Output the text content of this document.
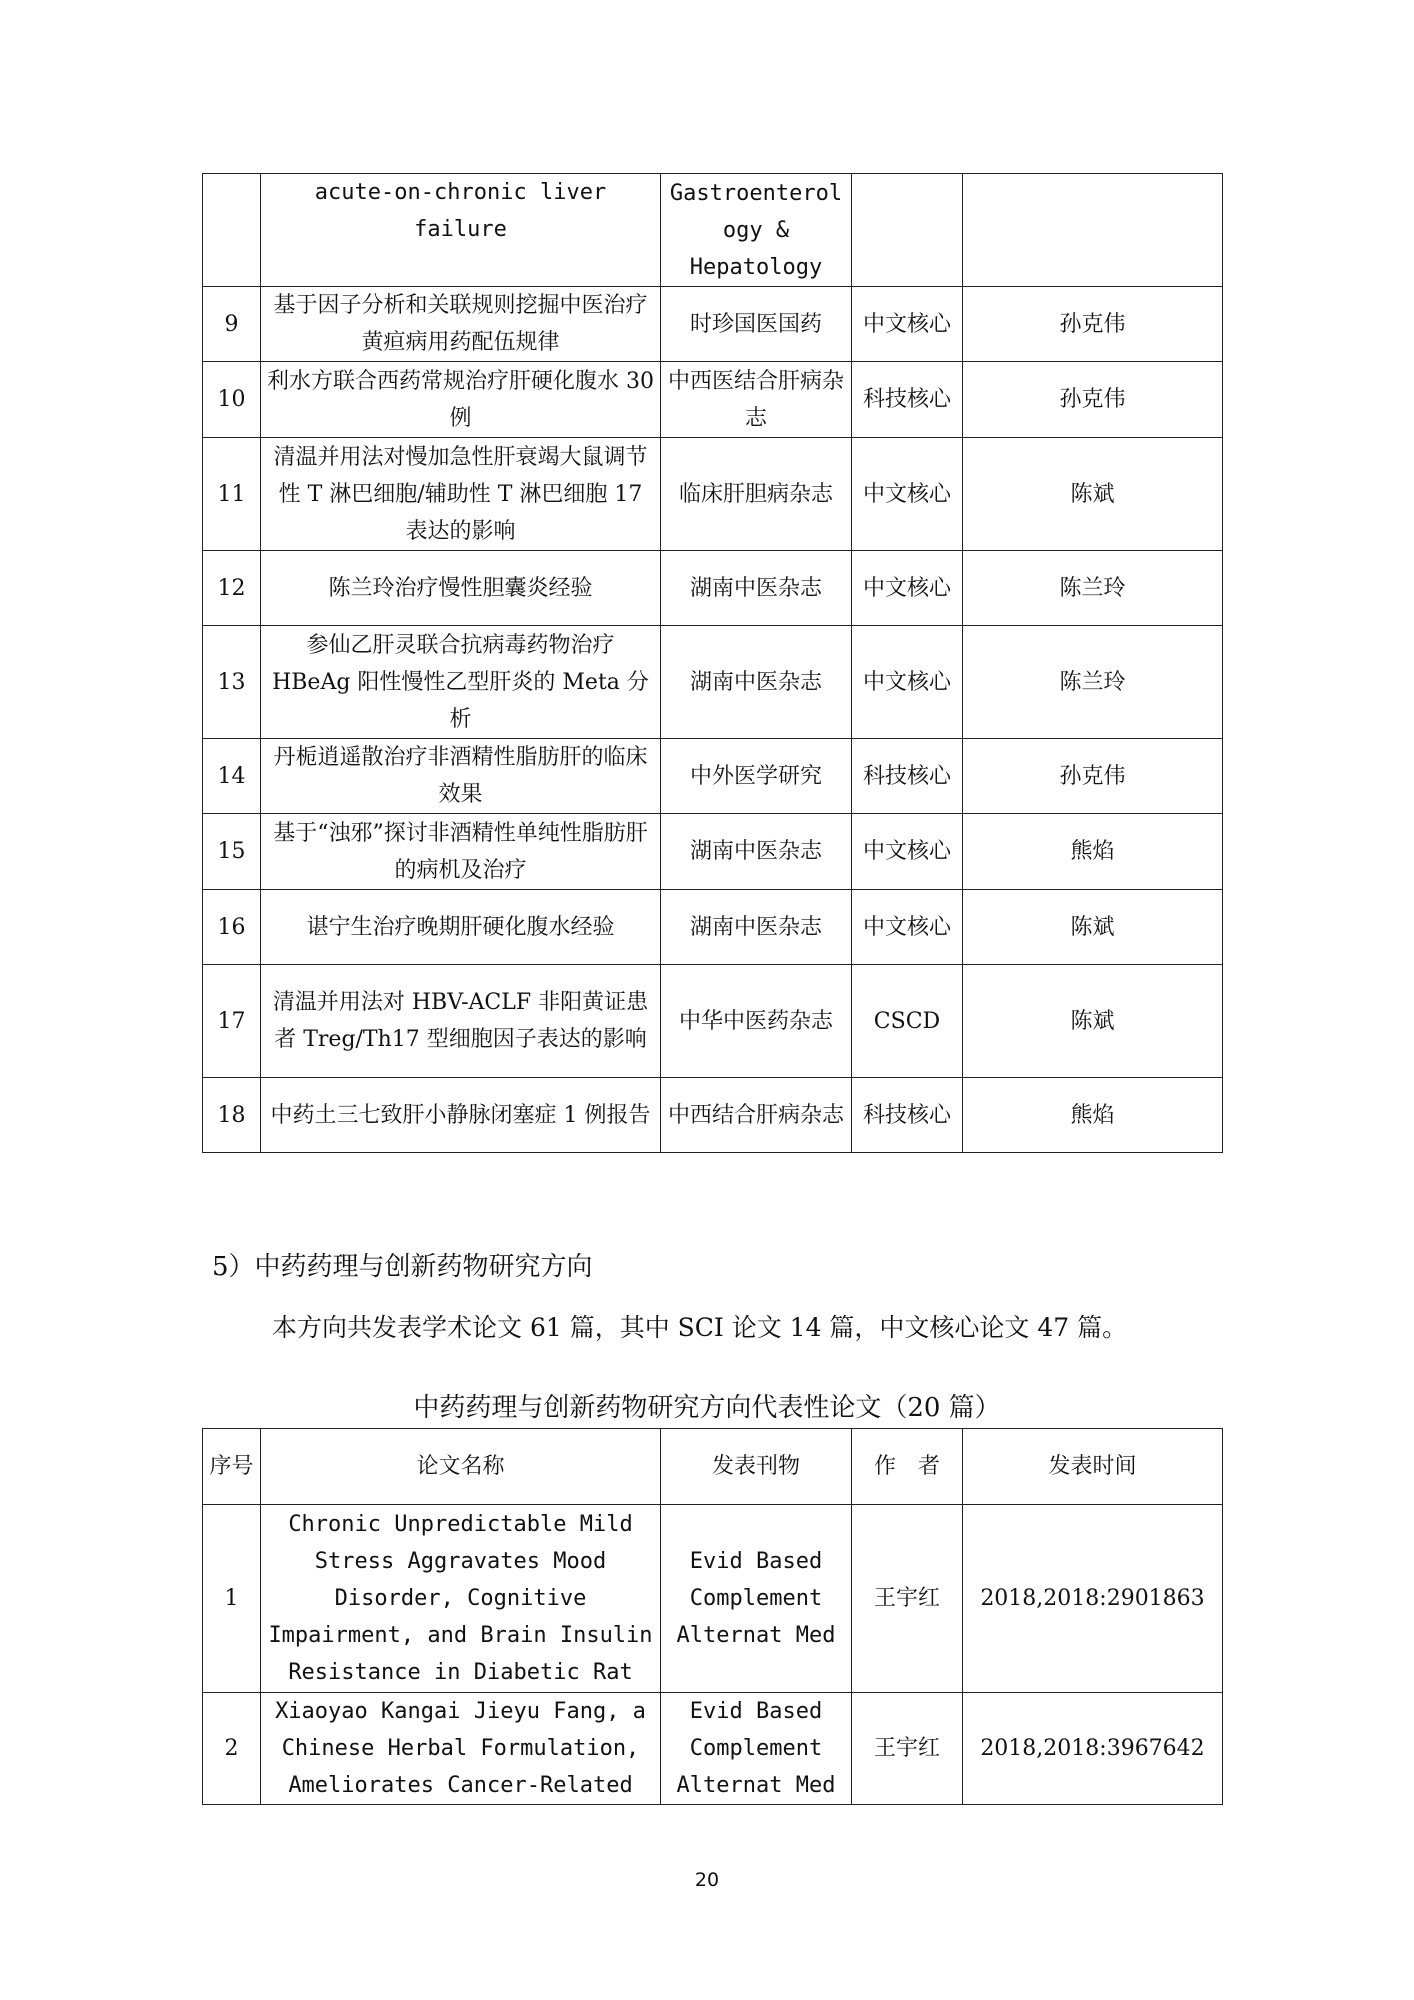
	acute-on-chronic liver failure	Gastroenterology & Hepatology		
9	基于因子分析和关联规则挖掘中医治疗黄疸病用药配伍规律	时珍国医国药	中文核心	孙克伟
10	利水方联合西药常规治疗肝硬化腹水 30 例	中西医结合肝病杂志	科技核心	孙克伟
11	清温并用法对慢加急性肝衰竭大鼠调节性 T 淋巴细胞/辅助性 T 淋巴细胞 17 表达的影响	临床肝胆病杂志	中文核心	陈斌
12	陈兰玲治疗慢性胆囊炎经验	湖南中医杂志	中文核心	陈兰玲
13	参仙乙肝灵联合抗病毒药物治疗 HBeAg 阳性慢性乙型肝炎的 Meta 分析	湖南中医杂志	中文核心	陈兰玲
14	丹栀逍遥散治疗非酒精性脂肪肝的临床效果	中外医学研究	科技核心	孙克伟
15	基于“浊邪”探讨非酒精性单纯性脂肪肝的病机及治疗	湖南中医杂志	中文核心	熊焰
16	谌宁生治疗晚期肝硬化腹水经验	湖南中医杂志	中文核心	陈斌
17	清温并用法对 HBV-ACLF 非阳黄证患者 Treg/Th17 型细胞因子表达的影响	中华中医药杂志	CSCD	陈斌
18	中药土三七致肝小静脉闭塞症 1 例报告	中西结合肝病杂志	科技核心	熊焰
5）中药药理与创新药物研究方向

本方向共发表学术论文 61 篇，其中 SCI 论文 14 篇，中文核心论文 47 篇。

中药药理与创新药物研究方向代表性论文（20 篇）
序号	论文名称	发表刊物	作　者	发表时间
1	Chronic Unpredictable Mild Stress Aggravates Mood Disorder, Cognitive Impairment, and Brain Insulin Resistance in Diabetic Rat	Evid Based Complement Alternat Med	王宇红	2018,2018:2901863
2	Xiaoyao Kangai Jieyu Fang, a Chinese Herbal Formulation, Ameliorates Cancer-Related	Evid Based Complement Alternat Med	王宇红	2018,2018:3967642
20
